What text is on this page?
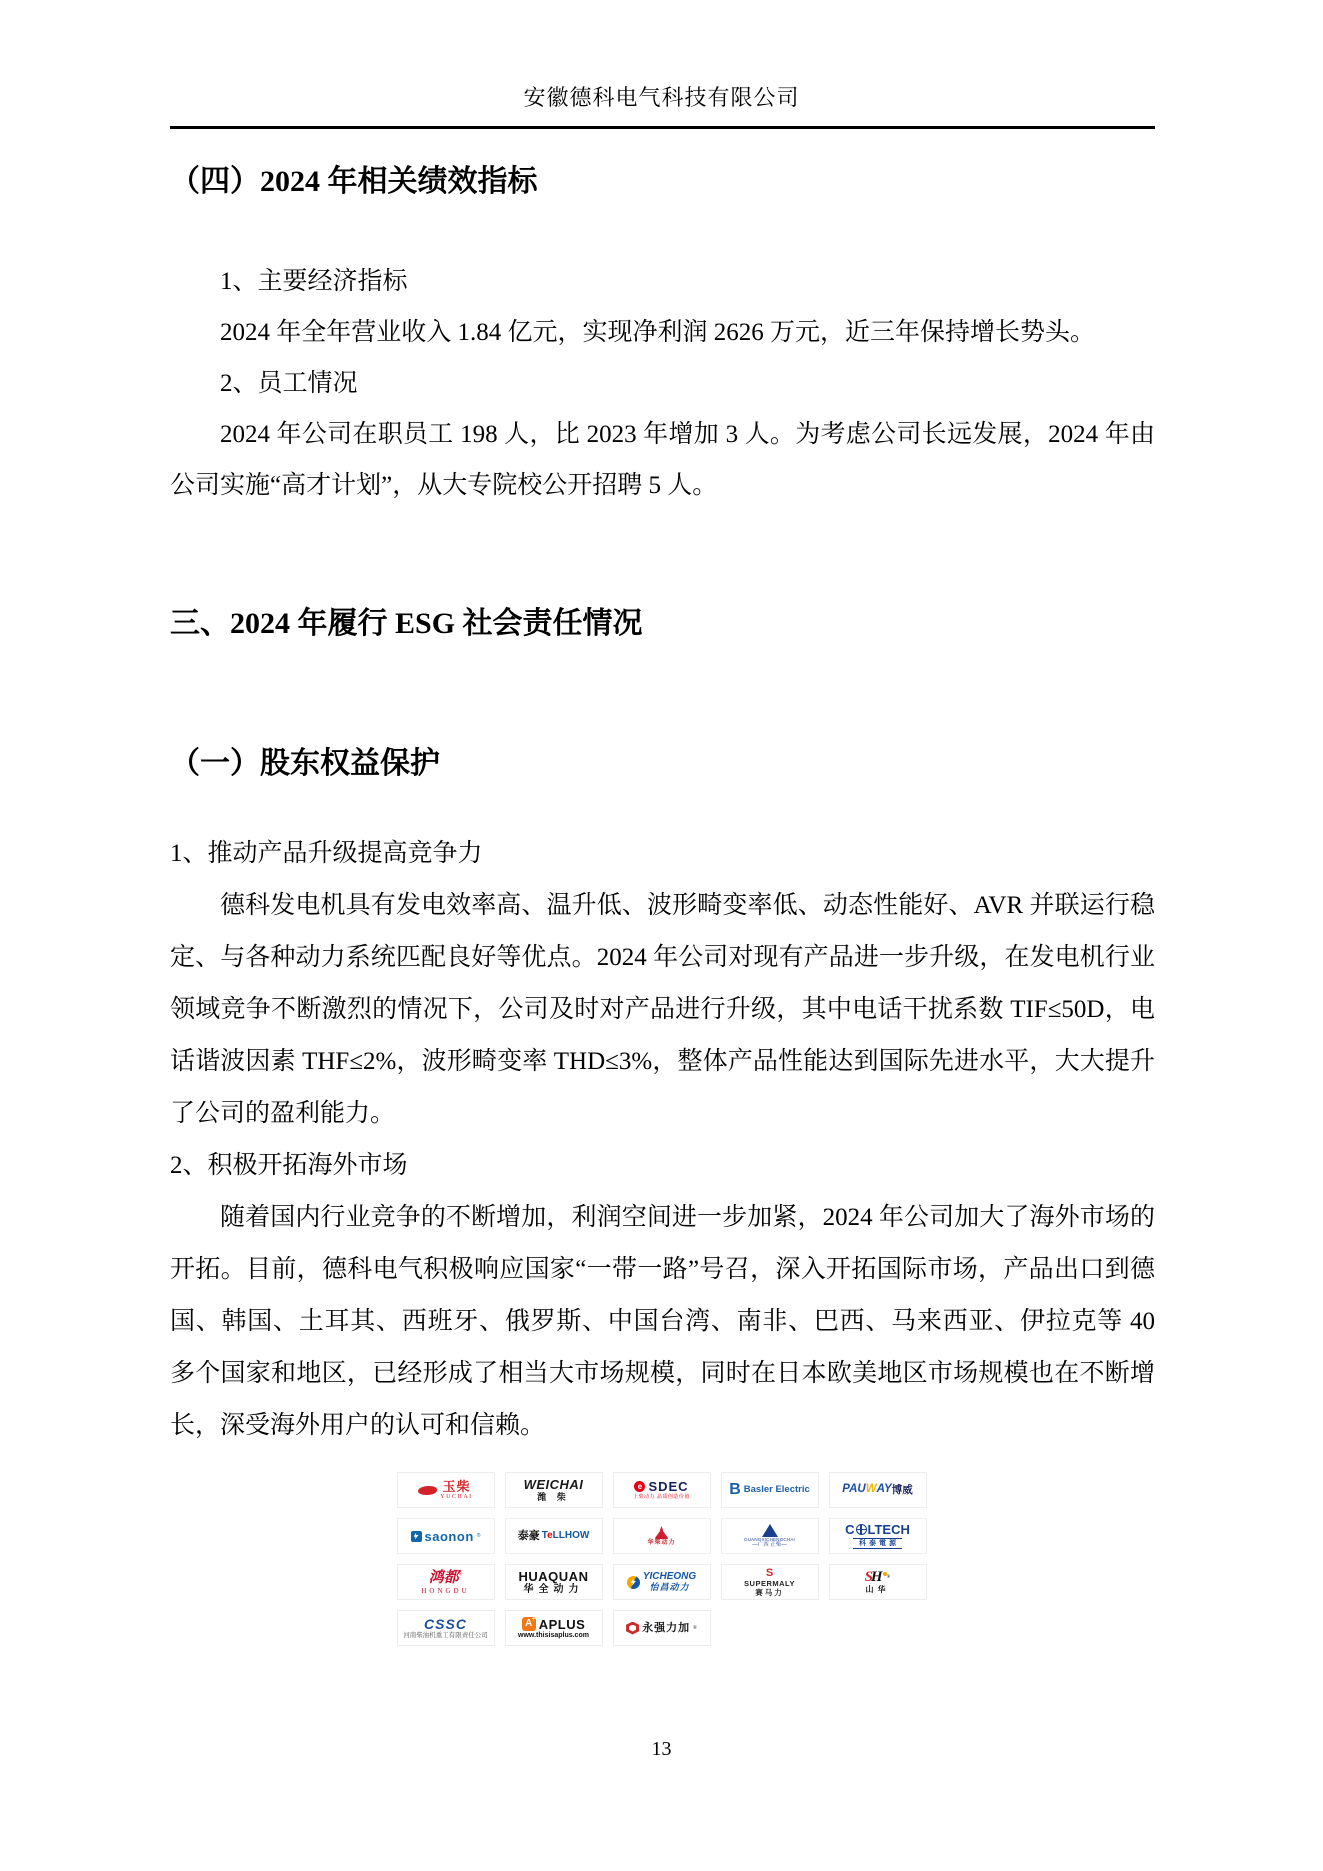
安徽德科电气科技有限公司
（四）2024 年相关绩效指标

1、主要经济指标

2024 年全年营业收入 1.84 亿元，实现净利润 2626 万元，近三年保持增长势头。

2、员工情况

2024 年公司在职员工 198 人，比 2023 年增加 3 人。为考虑公司长远发展，2024 年由公司实施“高才计划”，从大专院校公开招聘 5 人。

三、2024 年履行 ESG 社会责任情况
（一）股东权益保护

1、推动产品升级提高竞争力

德科发电机具有发电效率高、温升低、波形畸变率低、动态性能好、AVR 并联运行稳定、与各种动力系统匹配良好等优点。2024 年公司对现有产品进一步升级，在发电机行业领域竞争不断激烈的情况下，公司及时对产品进行升级，其中电话干扰系数 TIF≤50D，电话谐波因素 THF≤2%，波形畸变率 THD≤3%，整体产品性能达到国际先进水平，大大提升了公司的盈利能力。

2、积极开拓海外市场

随着国内行业竞争的不断增加，利润空间进一步加紧，2024 年公司加大了海外市场的开拓。目前，德科电气积极响应国家“一带一路”号召，深入开拓国际市场，产品出口到德国、韩国、土耳其、西班牙、俄罗斯、中国台湾、南非、巴西、马来西亚、伊拉克等 40 多个国家和地区，已经形成了相当大市场规模，同时在日本欧美地区市场规模也在不断增长，深受海外用户的认可和信赖。

玉柴
YUCHAI
WEICHAI
潍 柴
e SDEC
上柴动力 品质创造价值 B Basler Electric	PAU W AY 博威
saonon ®	泰豪 TeLLHOW
华柴动力
GUANGXICHENGCHAI
—广西 正柴—
C LTECH
科泰電源
鸿都®
HONGDU
HUAQUAN
华全动力
YICHEONG
怡昌动力
S
SUPERMALY
赛马力
S
H $_®$
山华
CSSC
河南柴油机重工有限责任公司
A + APLUS
www.thisisaplus.com
永强力加 ®
13
